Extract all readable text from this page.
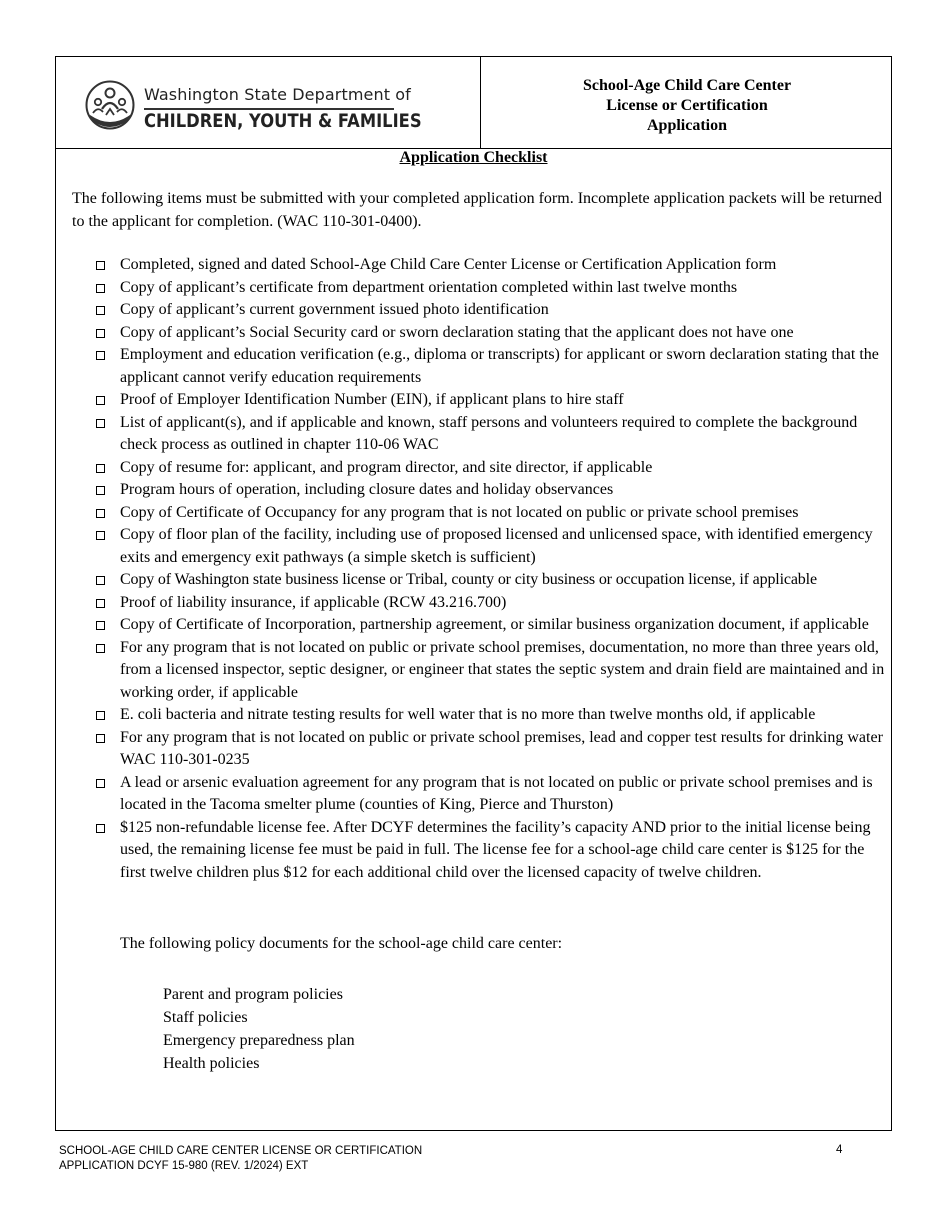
Washington State Department of
CHILDREN, YOUTH & FAMILIES
School-Age Child Care Center
License or Certification
Application
Application Checklist
The following items must be submitted with your completed application form. Incomplete application packets will be returned to the applicant for completion. (WAC 110-301-0400).
Completed, signed and dated School-Age Child Care Center License or Certification Application form
Copy of applicant’s certificate from department orientation completed within last twelve months
Copy of applicant’s current government issued photo identification
Copy of applicant’s Social Security card or sworn declaration stating that the applicant does not have one
Employment and education verification (e.g., diploma or transcripts) for applicant or sworn declaration stating that the applicant cannot verify education requirements
Proof of Employer Identification Number (EIN), if applicant plans to hire staff
List of applicant(s), and if applicable and known, staff persons and volunteers required to complete the background check process as outlined in chapter 110-06 WAC
Copy of resume for: applicant, and program director, and site director, if applicable
Program hours of operation, including closure dates and holiday observances
Copy of Certificate of Occupancy for any program that is not located on public or private school premises
Copy of floor plan of the facility, including use of proposed licensed and unlicensed space, with identified emergency exits and emergency exit pathways (a simple sketch is sufficient)
Copy of Washington state business license or Tribal, county or city business or occupation license, if applicable
Proof of liability insurance, if applicable (RCW 43.216.700)
Copy of Certificate of Incorporation, partnership agreement, or similar business organization document, if applicable
For any program that is not located on public or private school premises, documentation, no more than three years old, from a licensed inspector, septic designer, or engineer that states the septic system and drain field are maintained and in working order, if applicable
E. coli bacteria and nitrate testing results for well water that is no more than twelve months old, if applicable
For any program that is not located on public or private school premises, lead and copper test results for drinking water WAC 110-301-0235
A lead or arsenic evaluation agreement for any program that is not located on public or private school premises and is located in the Tacoma smelter plume (counties of King, Pierce and Thurston)
$125 non-refundable license fee. After DCYF determines the facility’s capacity AND prior to the initial license being used, the remaining license fee must be paid in full. The license fee for a school-age child care center is $125 for the first twelve children plus $12 for each additional child over the licensed capacity of twelve children.
The following policy documents for the school-age child care center:
Parent and program policies
Staff policies
Emergency preparedness plan
Health policies
SCHOOL-AGE CHILD CARE CENTER LICENSE OR CERTIFICATION
APPLICATION DCYF 15-980 (REV. 1/2024) EXT
4
